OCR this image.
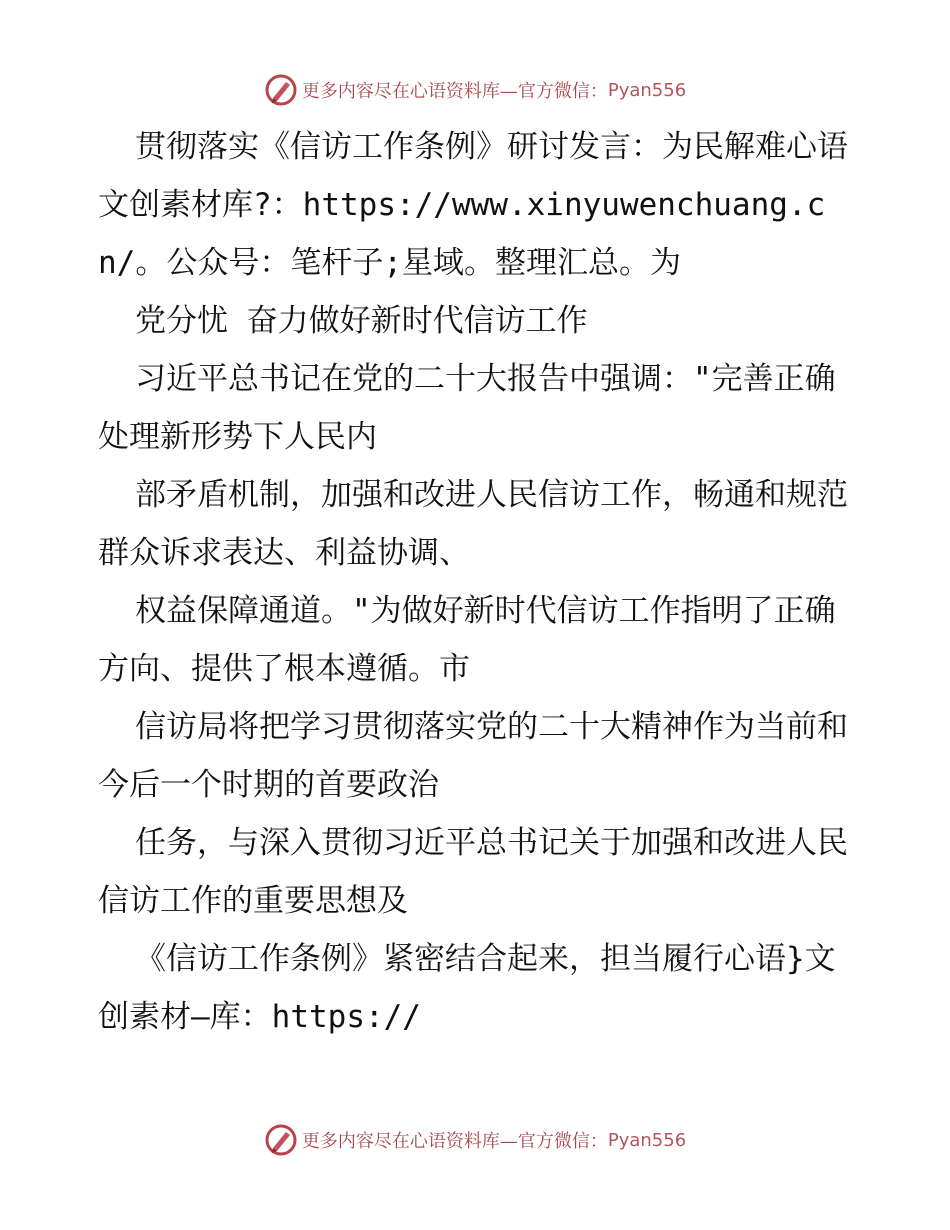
更多内容尽在心语资料库—官方微信： Pyan556

贯彻落实《信访工作条例》研讨发言：为民解难心语文创素材库?：https://www.xinyuwenchuang.cn/。公众号：笔杆子;星域。整理汇总。为

党分忧 奋力做好新时代信访工作

习近平总书记在党的二十大报告中强调："完善正确处理新形势下人民内

部矛盾机制，加强和改进人民信访工作，畅通和规范群众诉求表达、利益协调、

权益保障通道。"为做好新时代信访工作指明了正确方向、提供了根本遵循。市

信访局将把学习贯彻落实党的二十大精神作为当前和今后一个时期的首要政治

任务，与深入贯彻习近平总书记关于加强和改进人民信访工作的重要思想及

《信访工作条例》紧密结合起来，担当履行心语}文创素材—库：https://

更多内容尽在心语资料库—官方微信： Pyan556
